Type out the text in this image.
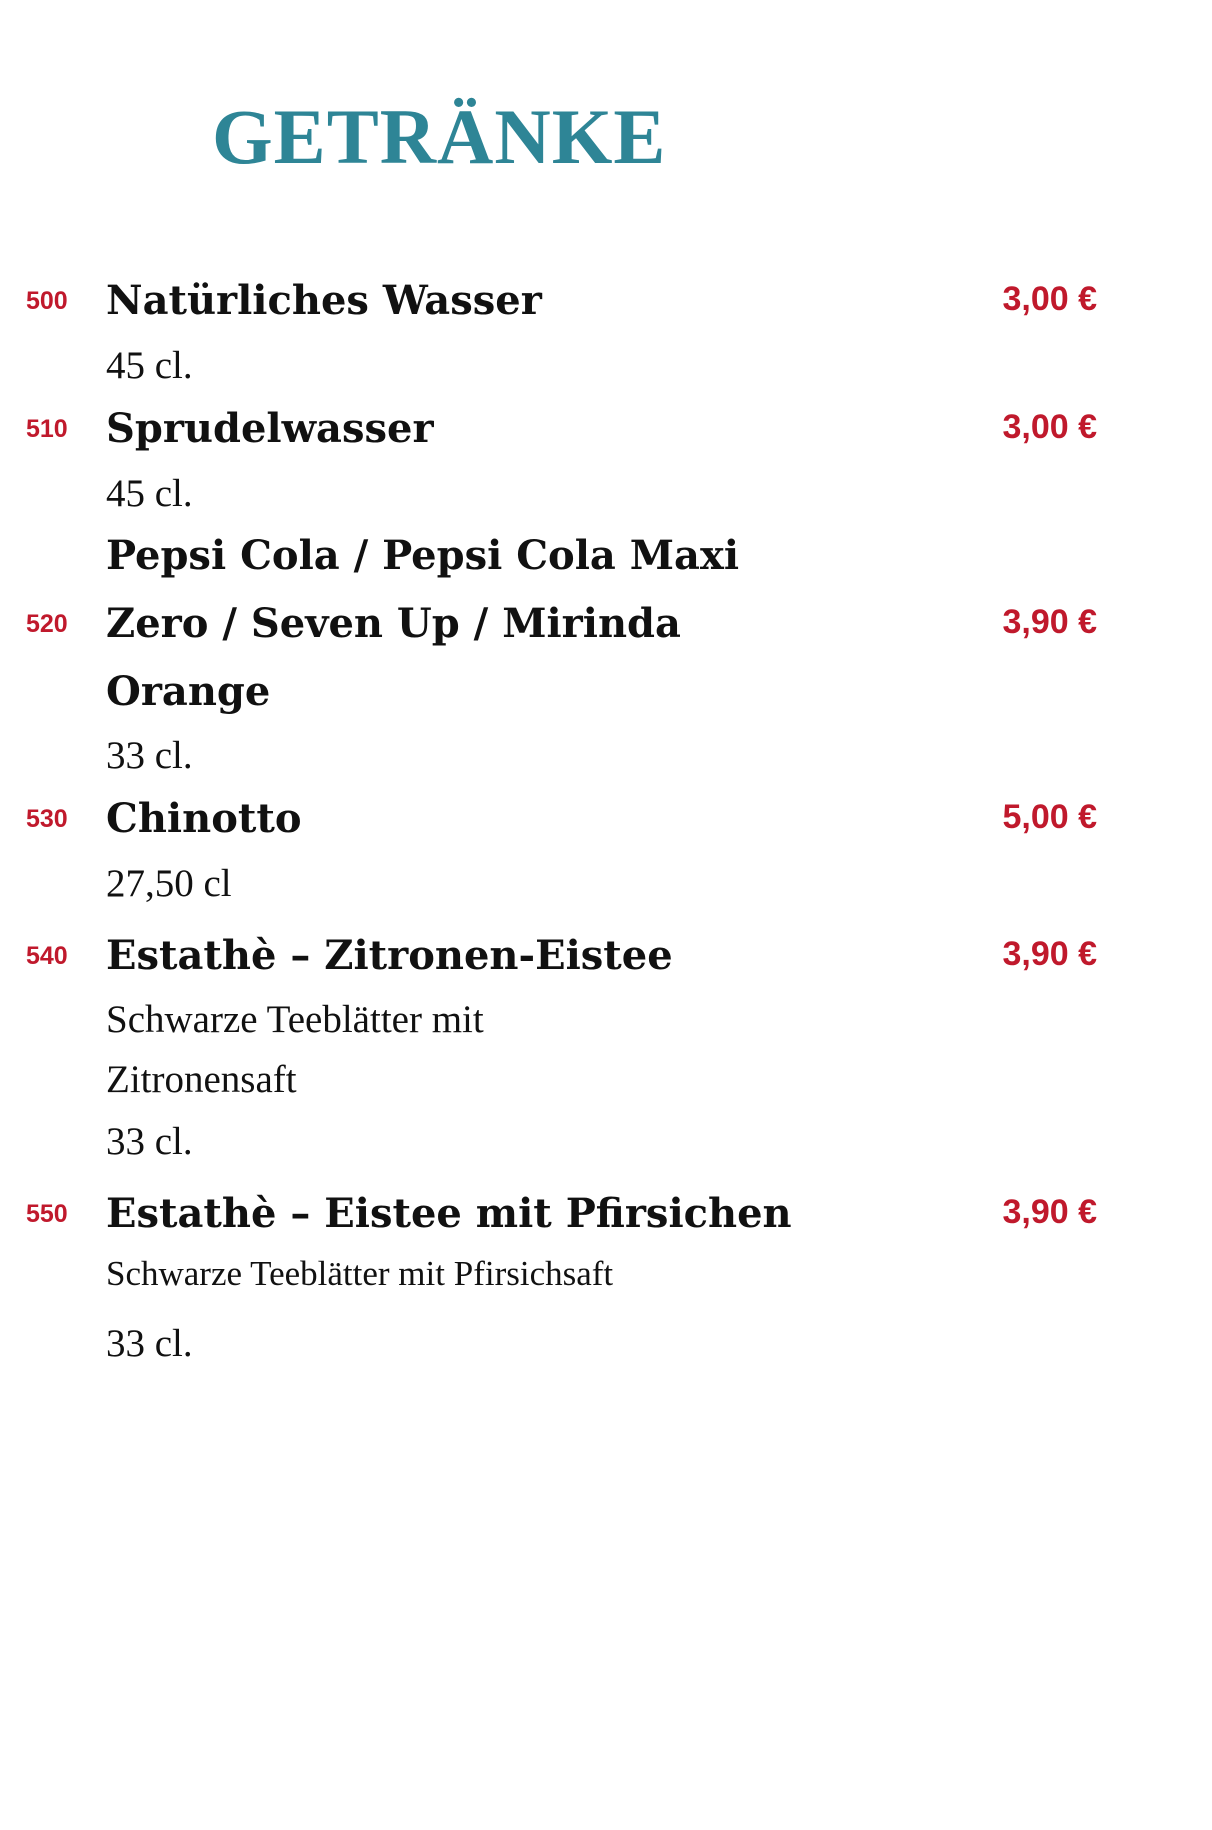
GETRÄNKE
500 Natürliches Wasser	3,00 €
45 cl.
510 Sprudelwasser	3,00 €
45 cl.
Pepsi Cola / Pepsi Cola Maxi
520 Zero / Seven Up / Mirinda	3,90 €
Orange
33 cl.
530 Chinotto	5,00 €
27,50 cl
540 Estathè – Zitronen-Eistee	3,90 €
Schwarze Teeblätter mit
Zitronensaft
33 cl.
550 Estathè – Eistee mit Pfirsichen	3,90 €
Schwarze Teeblätter mit Pfirsichsaft
33 cl.
